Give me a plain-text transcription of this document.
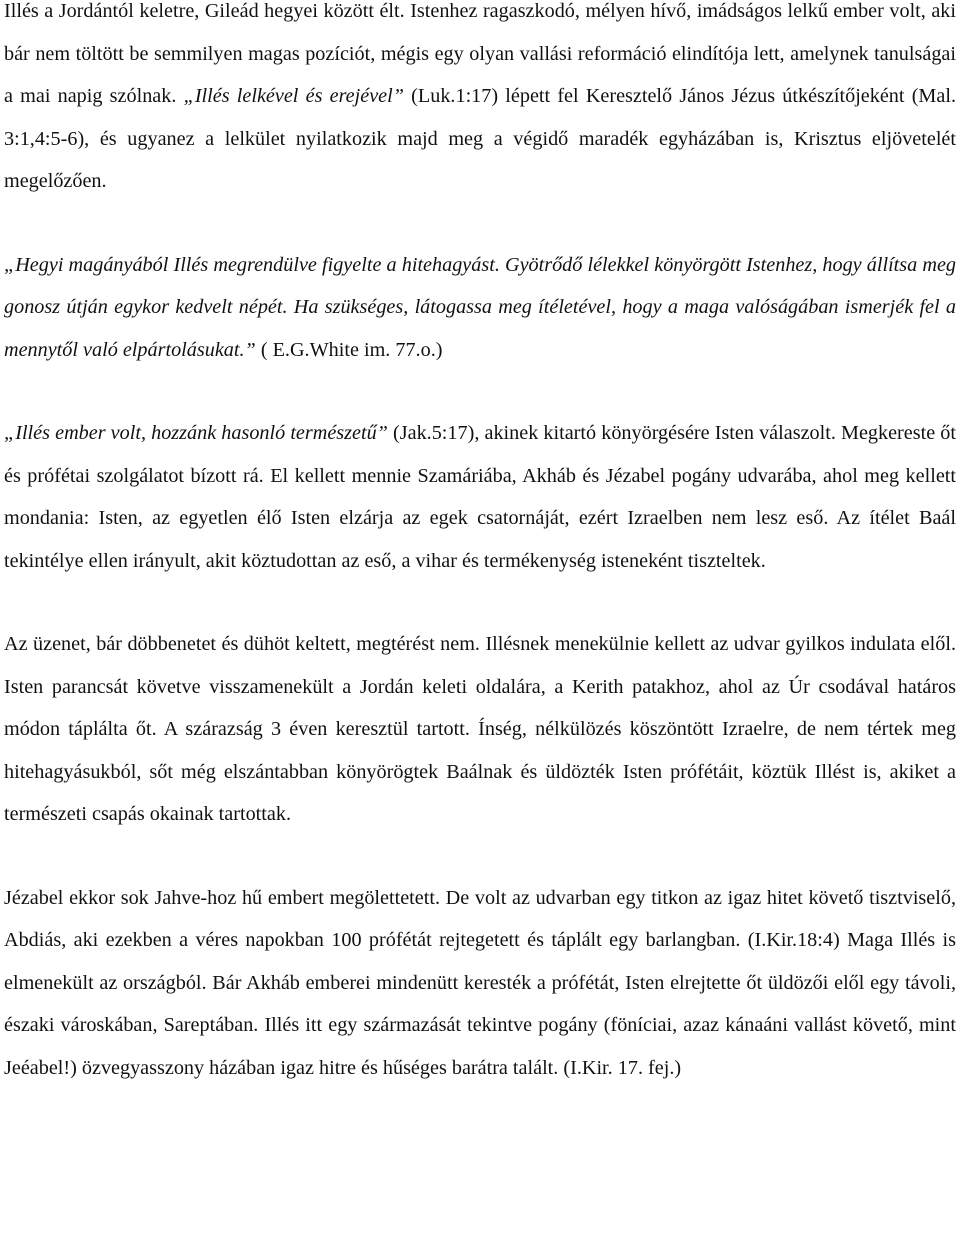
Illés a Jordántól keletre, Gileád hegyei között élt. Istenhez ragaszkodó, mélyen hívő, imádságos lelkű ember volt, aki bár nem töltött be semmilyen magas pozíciót, mégis egy olyan vallási reformáció elindítója lett, amelynek tanulságai a mai napig szólnak. „Illés lelkével és erejével” (Luk.1:17) lépett fel Keresztelő János Jézus útkészítőjeként (Mal. 3:1,4:5-6), és ugyanez a lelkület nyilatkozik majd meg a végidő maradék egyházában is, Krisztus eljövetelét megelőzően.

„Hegyi magányából Illés megrendülve figyelte a hitehagyást. Gyötrődő lélekkel könyörgött Istenhez, hogy állítsa meg gonosz útján egykor kedvelt népét. Ha szükséges, látogassa meg ítéletével, hogy a maga valóságában ismerjék fel a mennytől való elpártolásukat.” ( E.G.White im. 77.o.)

„Illés ember volt, hozzánk hasonló természetű” (Jak.5:17), akinek kitartó könyörgésére Isten válaszolt. Megkereste őt és prófétai szolgálatot bízott rá. El kellett mennie Szamáriába, Akháb és Jézabel pogány udvarába, ahol meg kellett mondania: Isten, az egyetlen élő Isten elzárja az egek csatornáját, ezért Izraelben nem lesz eső. Az ítélet Baál tekintélye ellen irányult, akit köztudottan az eső, a vihar és termékenység isteneként tiszteltek.

Az üzenet, bár döbbenetet és dühöt keltett, megtérést nem. Illésnek menekülnie kellett az udvar gyilkos indulata elől. Isten parancsát követve visszamenekült a Jordán keleti oldalára, a Kerith patakhoz, ahol az Úr csodával határos módon táplálta őt. A szárazság 3 éven keresztül tartott. Ínség, nélkülözés köszöntött Izraelre, de nem tértek meg hitehagyásukból, sőt még elszántabban könyörögtek Baálnak és üldözték Isten prófétáit, köztük Illést is, akiket a természeti csapás okainak tartottak.

Jézabel ekkor sok Jahve-hoz hű embert megölettetett. De volt az udvarban egy titkon az igaz hitet követő tisztviselő, Abdiás, aki ezekben a véres napokban 100 prófétát rejtegetett és táplált egy barlangban. (I.Kir.18:4) Maga Illés is elmenekült az országból. Bár Akháb emberei mindenütt keresték a prófétát, Isten elrejtette őt üldözői elől egy távoli, északi városkában, Sareptában. Illés itt egy származását tekintve pogány (föníciai, azaz kánaáni vallást követő, mint Jeéabel!) özvegyasszony házában igaz hitre és hűséges barátra talált. (I.Kir. 17. fej.)
